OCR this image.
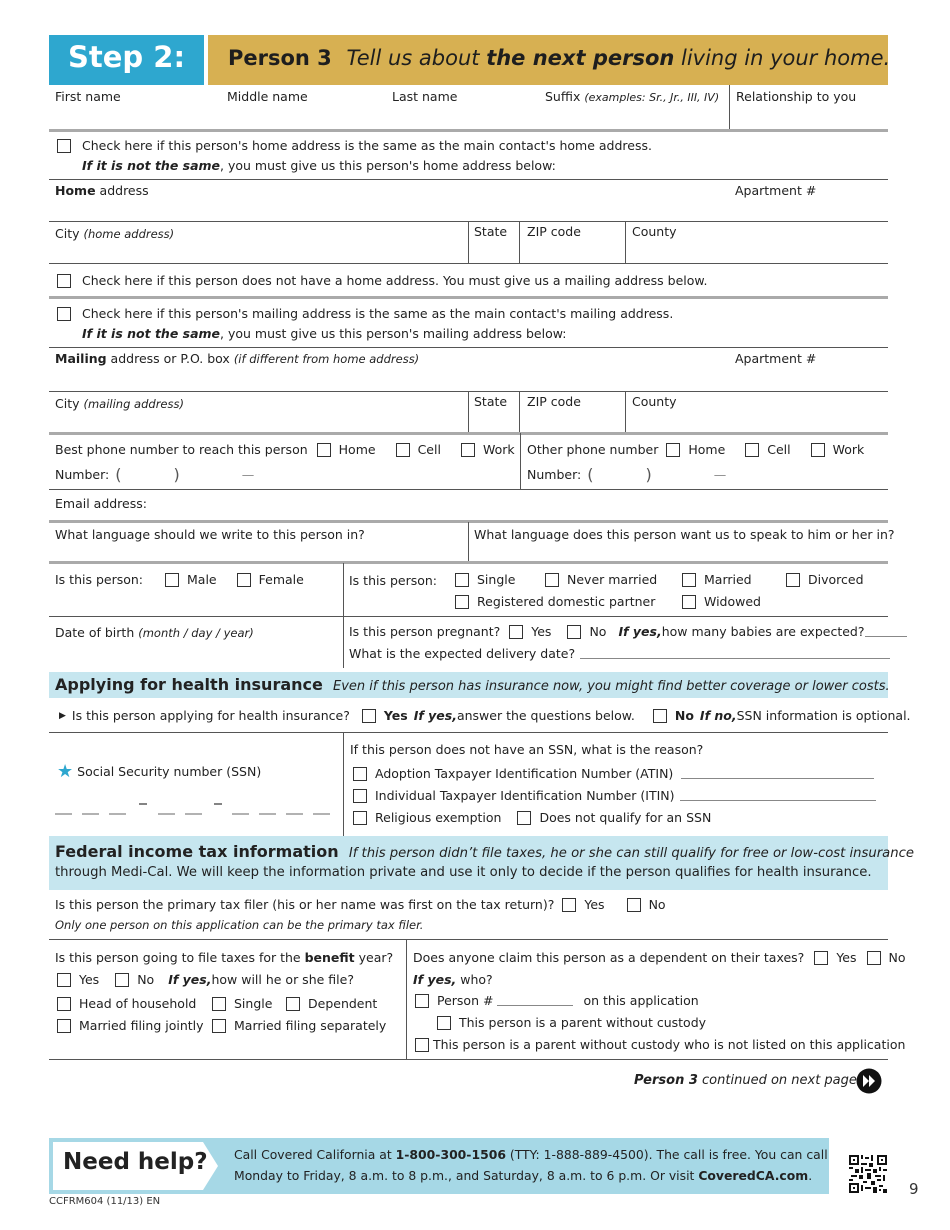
Step 2: Person 3 Tell us about the next person living in your home.
First name	Middle name	Last name	Suffix (examples: Sr., Jr., III, IV) Relationship to you
Check here if this person's home address is the same as the main contact's home address.
If it is not the same, you must give us this person's home address below:
Home address	Apartment #
City (home address)	State ZIP code	County
Check here if this person does not have a home address. You must give us a mailing address below.
Check here if this person's mailing address is the same as the main contact's mailing address.
If it is not the same, you must give us this person's mailing address below:
Mailing address or P.O. box (if different from home address)	Apartment #
City (mailing address)	State ZIP code	County
Best phone number to reach this person Home	Cell	Work
Number: (	)	—
Other phone number Home	Cell	Work
Number: (	)	—
Email address:
What language should we write to this person in?	What language does this person want us to speak to him or her in?
Is this person:	Male	Female	Is this person:	Single	Never married	Married	Divorced
Registered domestic partner	Widowed
Date of birth (month / day / year)	Is this person pregnant? Yes	No If yes, how many babies are expected?
What is the expected delivery date?
Applying for health insurance Even if this person has insurance now, you might find better coverage or lower costs.
▶ Is this person applying for health insurance?	Yes If yes, answer the questions below.	No If no, SSN information is optional.
★ Social Security number (SSN)
If this person does not have an SSN, what is the reason?
Adoption Taxpayer Identification Number (ATIN)
Individual Taxpayer Identification Number (ITIN)
Religious exemption	Does not qualify for an SSN
Federal income tax information If this person didn’t file taxes, he or she can still qualify for free or low-cost insurance
through Medi-Cal. We will keep the information private and use it only to decide if the person qualifies for health insurance.
Is this person the primary tax filer (his or her name was first on the tax return)? Yes	No
Only one person on this application can be the primary tax filer.
Is this person going to file taxes for the benefit year?
Yes	No If yes, how will he or she file?
Head of household	Single	Dependent
Married filing jointly Married filing separately
Does anyone claim this person as a dependent on their taxes?	Yes	No
If yes, who?
Person #	on this application
This person is a parent without custody
This person is a parent without custody who is not listed on this application
Person 3 continued on next page
Need help? Call Covered California at 1-800-300-1506 (TTY: 1-888-889-4500). The call is free. You can call
Monday to Friday, 8 a.m. to 8 p.m., and Saturday, 8 a.m. to 6 p.m. Or visit CoveredCA.com.
CCFRM604 (11/13) EN
9
